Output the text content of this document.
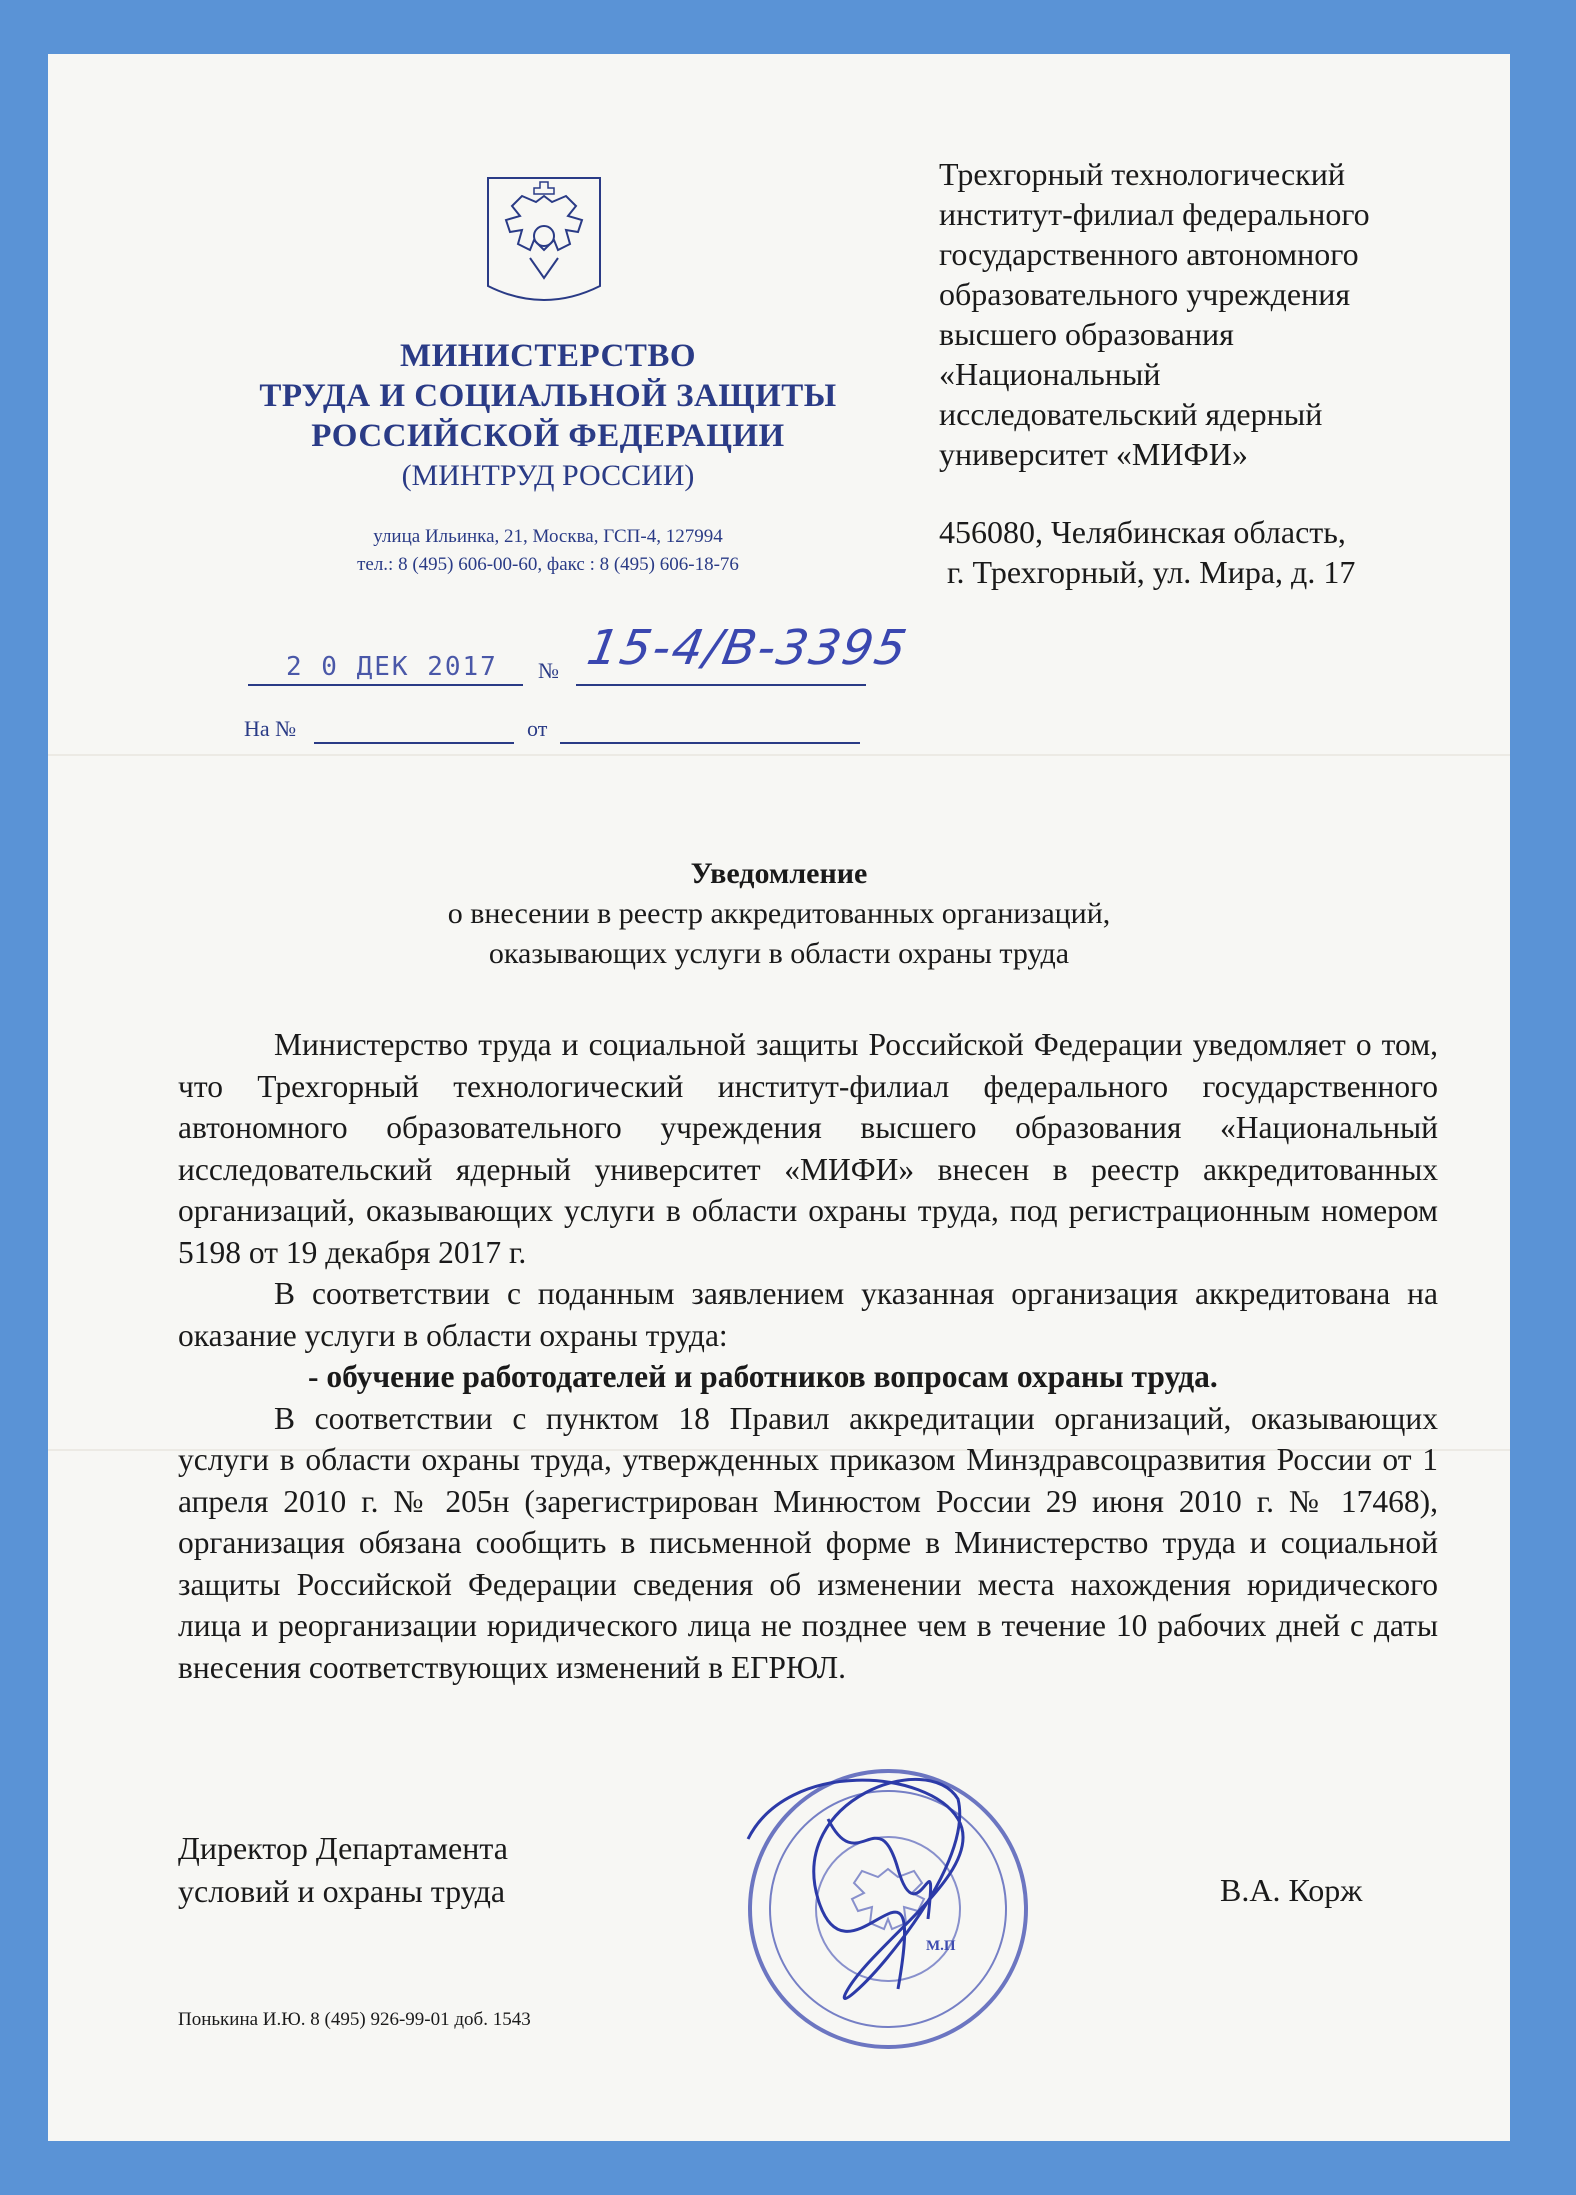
МИНИСТЕРСТВО
ТРУДА И СОЦИАЛЬНОЙ ЗАЩИТЫ
РОССИЙСКОЙ ФЕДЕРАЦИИ
(МИНТРУД РОССИИ)
улица Ильинка, 21, Москва, ГСП-4, 127994
тел.: 8 (495) 606-00-60, факс : 8 (495) 606-18-76
2 0 ДЕК 2017 № 15-4/В-3395
На №	от
Трехгорный технологический
институт-филиал федерального
государственного автономного
образовательного учреждения
высшего образования
«Национальный
исследовательский ядерный
университет «МИФИ»
456080, Челябинская область,
г. Трехгорный, ул. Мира, д. 17
Уведомление
о внесении в реестр аккредитованных организаций,
оказывающих услуги в области охраны труда

Министерство труда и социальной защиты Российской Федерации уведомляет о том, что Трехгорный технологический институт-филиал федерального государственного автономного образовательного учреждения высшего образования «Национальный исследовательский ядерный университет «МИФИ» внесен в реестр аккредитованных организаций, оказывающих услуги в области охраны труда, под регистрационным номером 5198 от 19 декабря 2017 г.

В соответствии с поданным заявлением указанная организация аккредитована на оказание услуги в области охраны труда:

- обучение работодателей и работников вопросам охраны труда.

В соответствии с пунктом 18 Правил аккредитации организаций, оказывающих услуги в области охраны труда, утвержденных приказом Минздравсоцразвития России от 1 апреля 2010 г. № 205н (зарегистрирован Минюстом России 29 июня 2010 г. № 17468), организация обязана сообщить в письменной форме в Министерство труда и социальной защиты Российской Федерации сведения об изменении места нахождения юридического лица и реорганизации юридического лица не позднее чем в течение 10 рабочих дней с даты внесения соответствующих изменений в ЕГРЮЛ.

Директор Департамента
условий и охраны труда
М.П
В.А. Корж
Понькина И.Ю. 8 (495) 926-99-01 доб. 1543
